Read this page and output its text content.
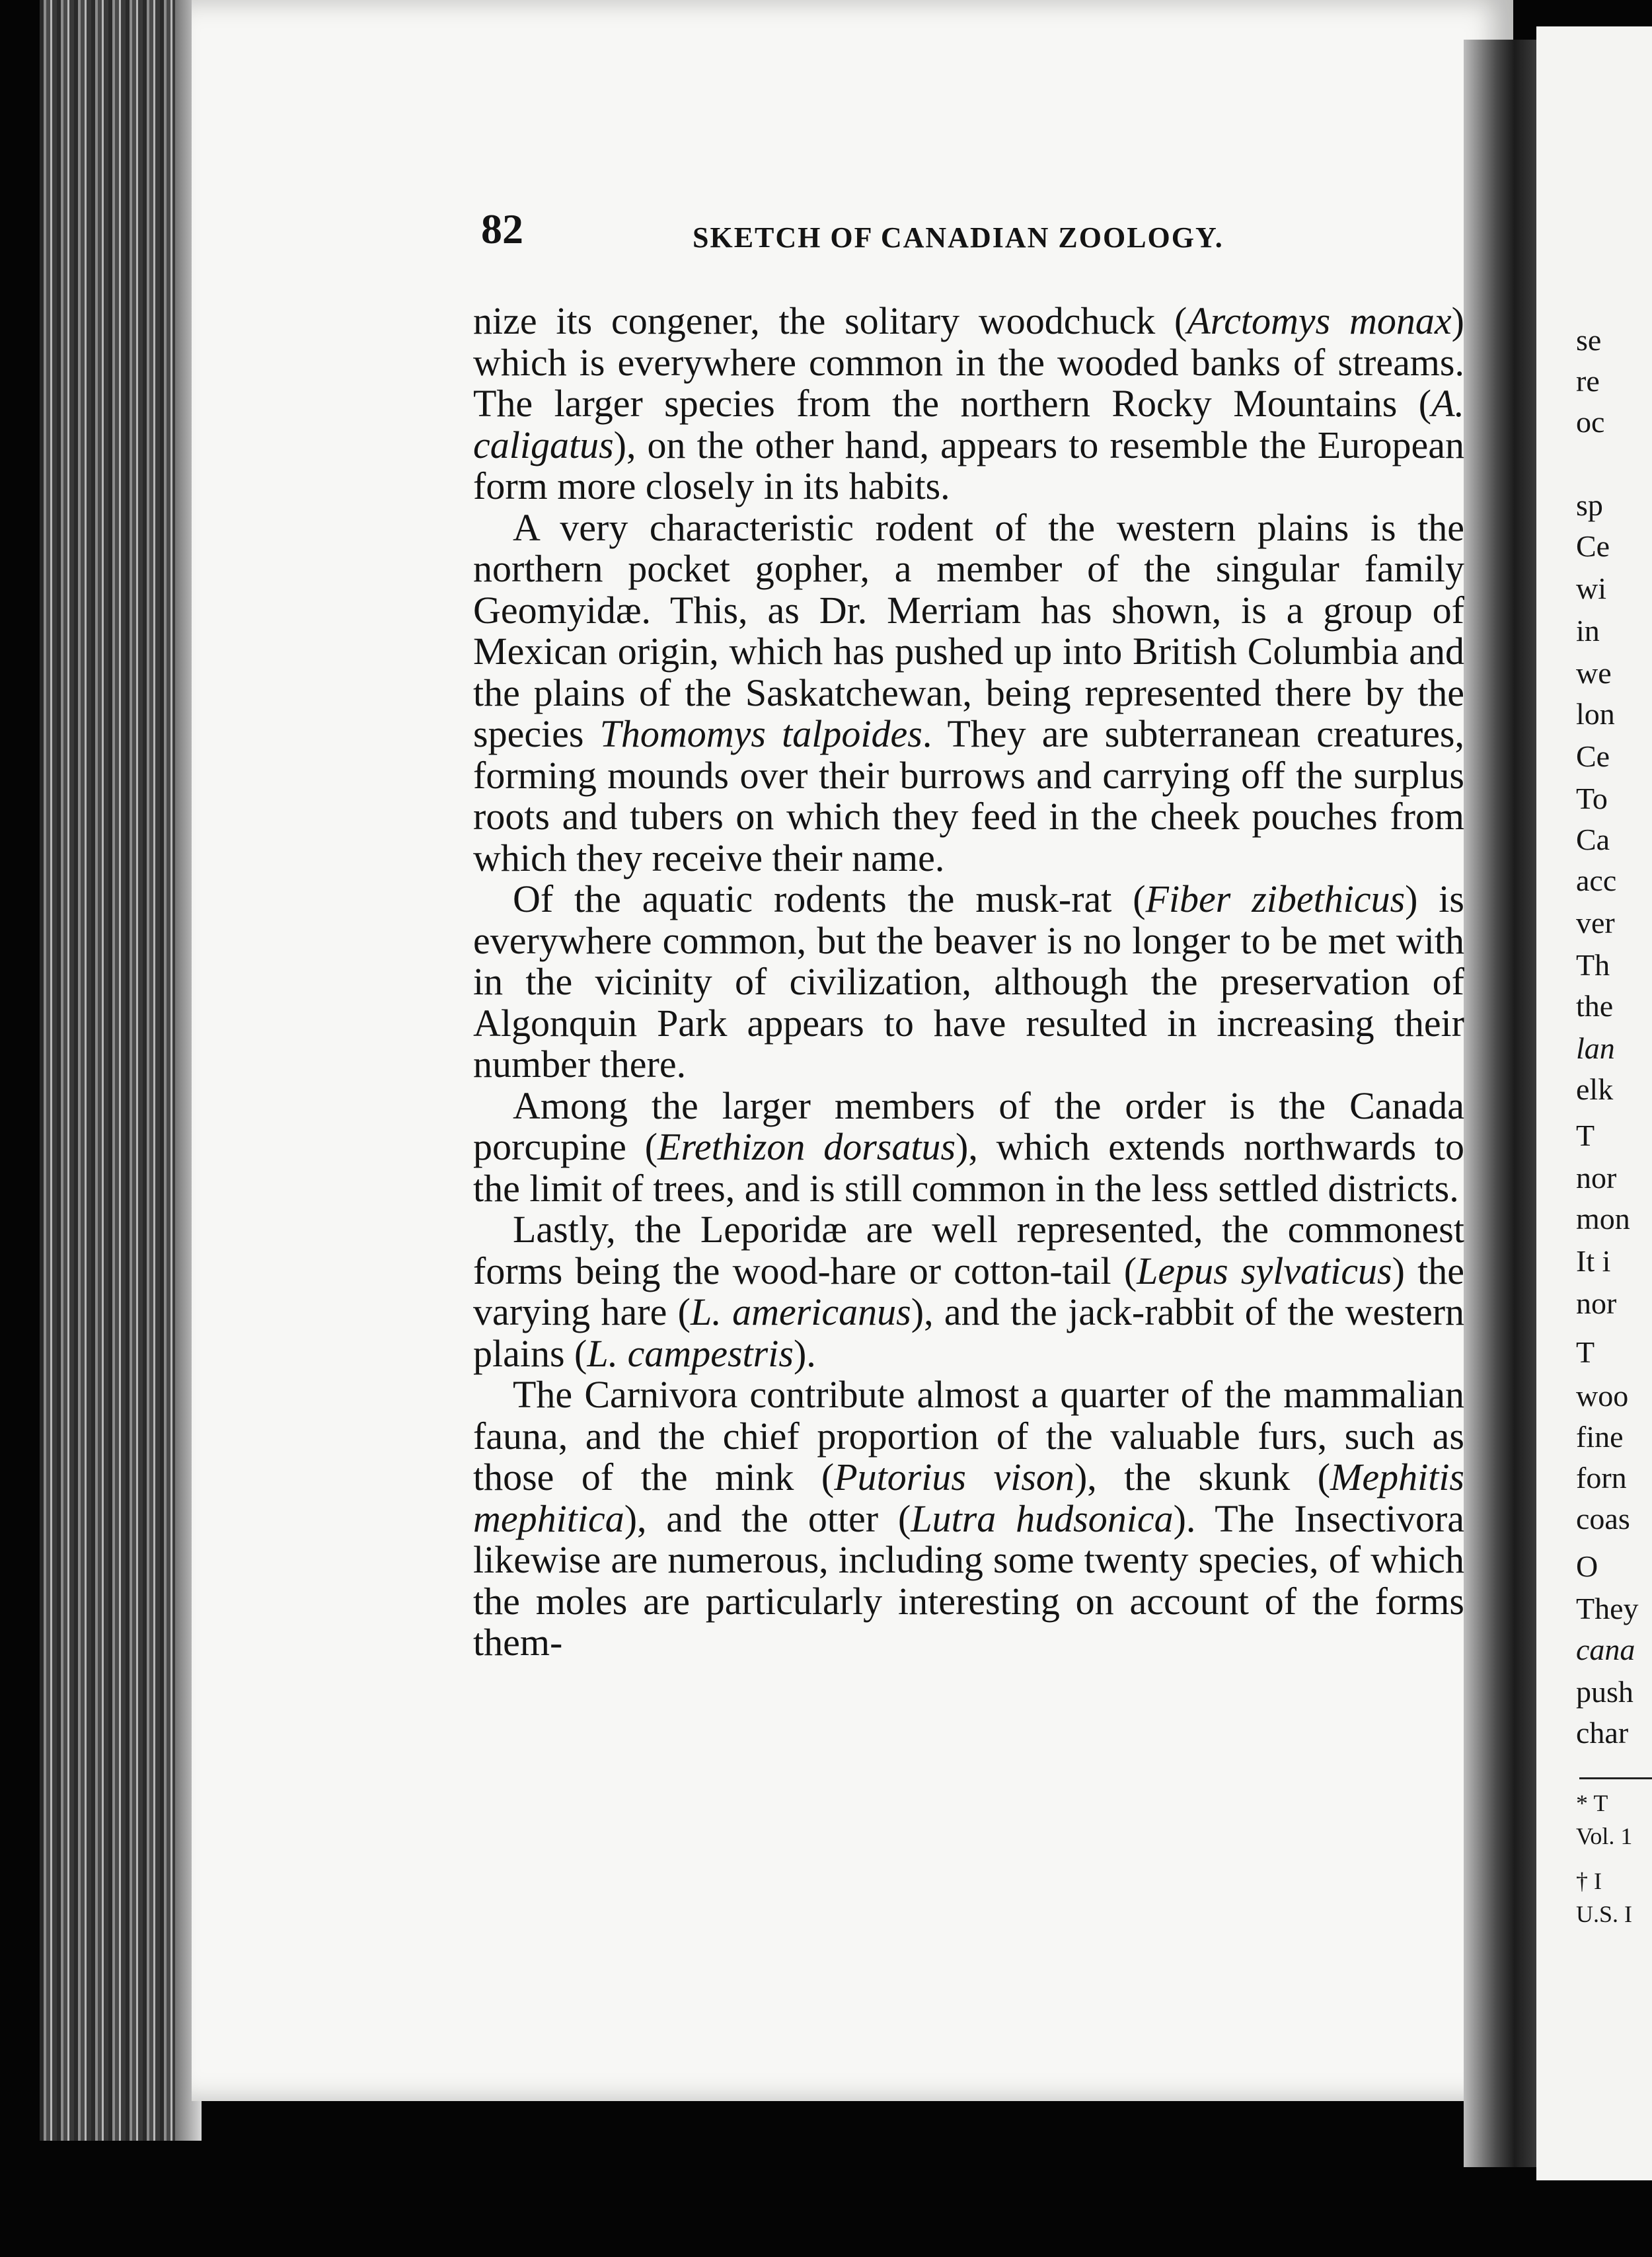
82	SKETCH OF CANADIAN ZOOLOGY.

nize its congener, the solitary woodchuck (Arctomys monax) which is everywhere common in the wooded banks of streams. The larger species from the northern Rocky Mountains (A. caligatus), on the other hand, appears to resemble the European form more closely in its habits.

A very characteristic rodent of the western plains is the northern pocket gopher, a member of the singular family Geomyidæ. This, as Dr. Merriam has shown, is a group of Mexican origin, which has pushed up into British Columbia and the plains of the Saskatchewan, being represented there by the species Thomomys talpoides. They are subterranean creatures, forming mounds over their burrows and carrying off the surplus roots and tubers on which they feed in the cheek pouches from which they receive their name.

Of the aquatic rodents the musk-rat (Fiber zibethicus) is everywhere common, but the beaver is no longer to be met with in the vicinity of civilization, although the preservation of Algonquin Park appears to have resulted in increasing their number there.

Among the larger members of the order is the Canada porcupine (Erethizon dorsatus), which extends northwards to the limit of trees, and is still common in the less settled districts.

Lastly, the Leporidæ are well represented, the commonest forms being the wood-hare or cotton-tail (Lepus sylvaticus) the varying hare (L. americanus), and the jack-rabbit of the western plains (L. campestris).

The Carnivora contribute almost a quarter of the mammalian fauna, and the chief proportion of the valuable furs, such as those of the mink (Putorius vison), the skunk (Mephitis mephitica), and the otter (Lutra hudsonica). The Insectivora likewise are numerous, including some twenty species, of which the moles are particularly interesting on account of the forms them-

se
re
oc
sp
Ce
wi
in
we
lon
Ce
To
Ca
acc
ver
Th
the
lan
elk
T
nor
mon
It i
nor
T
woo
fine
forn
coas
O
They
cana
push
char
* T
Vol. 1
† I
U.S. I
